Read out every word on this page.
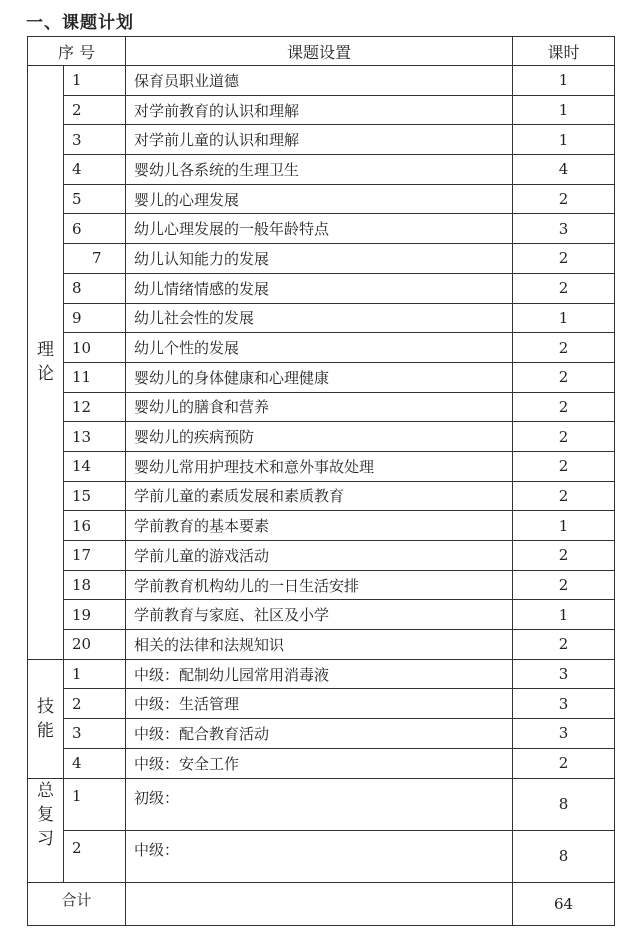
一、课题计划
序 号		课题设置	课时
理
论	1	保育员职业道德	1
	2	对学前教育的认识和理解	1
	3	对学前儿童的认识和理解	1
	4	婴幼儿各系统的生理卫生	4
	5	婴儿的心理发展	2
	6	幼儿心理发展的一般年龄特点	3
	7	幼儿认知能力的发展	2
	8	幼儿情绪情感的发展	2
	9	幼儿社会性的发展	1
	10	幼儿个性的发展	2
	11	婴幼儿的身体健康和心理健康	2
	12	婴幼儿的膳食和营养	2
	13	婴幼儿的疾病预防	2
	14	婴幼儿常用护理技术和意外事故处理	2
	15	学前儿童的素质发展和素质教育	2
	16	学前教育的基本要素	1
	17	学前儿童的游戏活动	2
	18	学前教育机构幼儿的一日生活安排	2
	19	学前教育与家庭、社区及小学	1
	20	相关的法律和法规知识	2
技
能	1	中级：配制幼儿园常用消毒液	3
	2	中级：生活管理	3
	3	中级：配合教育活动	3
	4	中级：安全工作	2
总
复
习	1	初级：	8
	2	中级：	8
合计			64
